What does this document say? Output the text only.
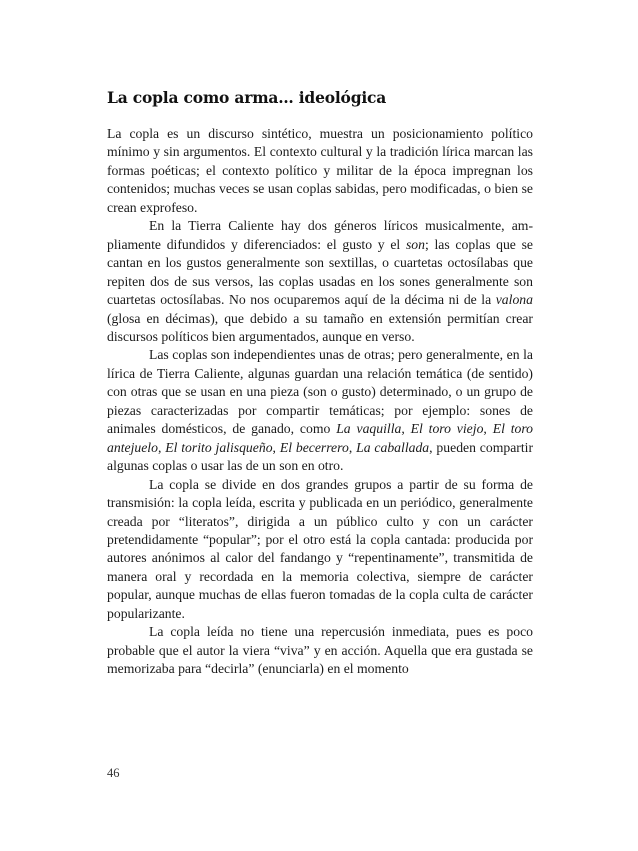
La copla como arma… ideológica

La copla es un discurso sintético, muestra un posicionamiento político mínimo y sin argumentos. El contexto cultural y la tradición lírica marcan las formas poéticas; el contexto político y militar de la época impregnan los contenidos; muchas veces se usan coplas sabidas, pero modificadas, o bien se crean exprofeso.

En la Tierra Caliente hay dos géneros líricos musicalmente, ampliamente difundidos y diferenciados: el gusto y el son; las coplas que se cantan en los gustos generalmente son sextillas, o cuartetas octosílabas que repiten dos de sus versos, las coplas usadas en los sones generalmente son cuartetas octosílabas. No nos ocuparemos aquí de la décima ni de la valona (glosa en décimas), que debido a su tamaño en extensión permitían crear discursos políticos bien argumentados, aunque en verso.

Las coplas son independientes unas de otras; pero generalmente, en la lírica de Tierra Caliente, algunas guardan una relación temática (de sentido) con otras que se usan en una pieza (son o gusto) determinado, o un grupo de piezas caracterizadas por compartir temáticas; por ejemplo: sones de animales domésticos, de ganado, como La vaquilla, El toro viejo, El toro antejuelo, El torito jalisqueño, El becerrero, La caballada, pueden compartir algunas coplas o usar las de un son en otro.

La copla se divide en dos grandes grupos a partir de su forma de transmisión: la copla leída, escrita y publicada en un periódico, generalmente creada por “literatos”, dirigida a un público culto y con un carácter pretendidamente “popular”; por el otro está la copla cantada: producida por autores anónimos al calor del fandango y “repentinamente”, transmitida de manera oral y recordada en la memoria colectiva, siempre de carácter popular, aunque muchas de ellas fueron tomadas de la copla culta de carácter popularizante.

La copla leída no tiene una repercusión inmediata, pues es poco probable que el autor la viera “viva” y en acción. Aquella que era gustada se memorizaba para “decirla” (enunciarla) en el momento

46
